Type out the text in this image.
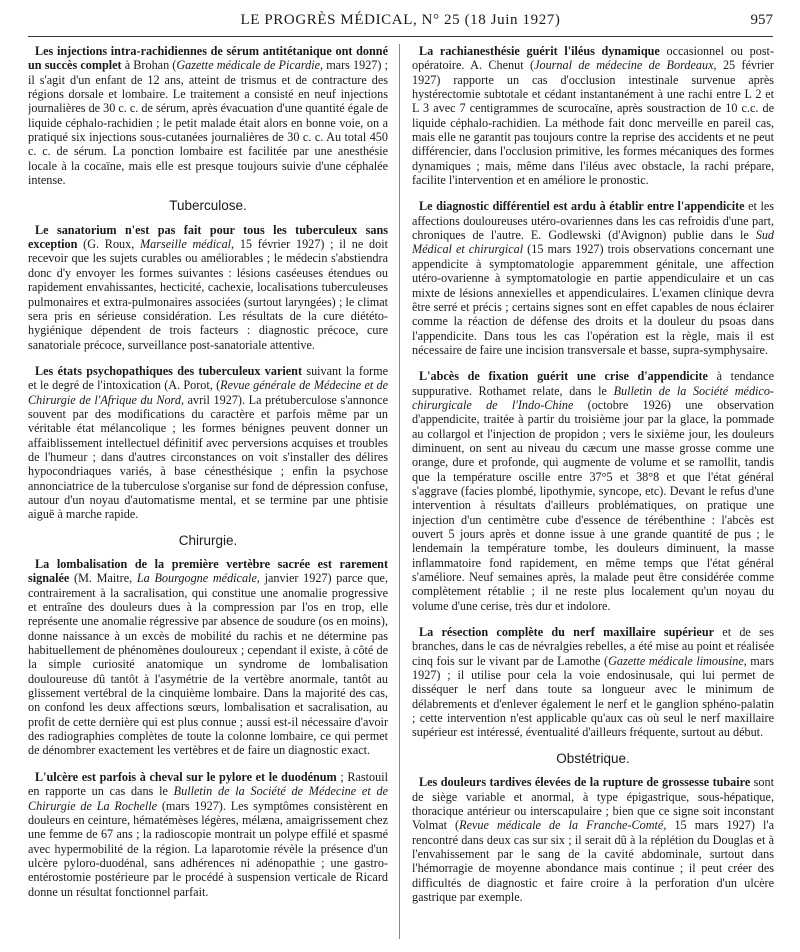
LE PROGRÈS MÉDICAL, N° 25 (18 Juin 1927)	957

Les injections intra-rachidiennes de sérum antitétanique ont donné un succès complet à Brohan (Gazette médicale de Picardie, mars 1927) ; il s'agit d'un enfant de 12 ans, atteint de trismus et de contracture des régions dorsale et lombaire. Le traitement a consisté en neuf injections journalières de 30 c. c. de sérum, après évacuation d'une quantité égale de liquide céphalo-rachidien ; le petit malade était alors en bonne voie, on a pratiqué six injections sous-cutanées journalières de 30 c. c. Au total 450 c. c. de sérum. La ponction lombaire est facilitée par une anesthésie locale à la cocaïne, mais elle est presque toujours suivie d'une céphalée intense.

Tuberculose.

Le sanatorium n'est pas fait pour tous les tuberculeux sans exception (G. Roux, Marseille médical, 15 février 1927) ; il ne doit recevoir que les sujets curables ou améliorables ; le médecin s'abstiendra donc d'y envoyer les formes suivantes : lésions caséeuses étendues ou rapidement envahissantes, hecticité, cachexie, localisations tuberculeuses pulmonaires et extra-pulmonaires associées (surtout laryngées) ; le climat sera pris en sérieuse considération. Les résultats de la cure diététo-hygiénique dépendent de trois facteurs : diagnostic précoce, cure sanatoriale précoce, surveillance post-sanatoriale attentive.

Les états psychopathiques des tuberculeux varient suivant la forme et le degré de l'intoxication (A. Porot, (Revue générale de Médecine et de Chirurgie de l'Afrique du Nord, avril 1927). La prétuberculose s'annonce souvent par des modifications du caractère et parfois même par un véritable état mélancolique ; les formes bénignes peuvent donner un affaiblissement intellectuel définitif avec perversions acquises et troubles de l'humeur ; dans d'autres circonstances on voit s'installer des délires hypocondriaques variés, à base cénesthésique ; enfin la psychose annonciatrice de la tuberculose s'organise sur fond de dépression confuse, autour d'un noyau d'automatisme mental, et se termine par une phtisie aiguë à marche rapide.

Chirurgie.

La lombalisation de la première vertèbre sacrée est rarement signalée (M. Maitre, La Bourgogne médicale, janvier 1927) parce que, contrairement à la sacralisation, qui constitue une anomalie progressive et entraîne des douleurs dues à la compression par l'os en trop, elle représente une anomalie régressive par absence de soudure (os en moins), donne naissance à un excès de mobilité du rachis et ne détermine pas habituellement de phénomènes douloureux ; cependant il existe, à côté de la simple curiosité anatomique un syndrome de lombalisation douloureuse dû tantôt à l'asymétrie de la vertèbre anormale, tantôt au glissement vertébral de la cinquième lombaire. Dans la majorité des cas, on confond les deux affections sœurs, lombalisation et sacralisation, au profit de cette dernière qui est plus connue ; aussi est-il nécessaire d'avoir des radiographies complètes de toute la colonne lombaire, ce qui permet de dénombrer exactement les vertèbres et de faire un diagnostic exact.

L'ulcère est parfois à cheval sur le pylore et le duodénum ; Rastouil en rapporte un cas dans le Bulletin de la Société de Médecine et de Chirurgie de La Rochelle (mars 1927). Les symptômes consistèrent en douleurs en ceinture, hématémèses légères, mélæna, amaigrissement chez une femme de 67 ans ; la radioscopie montrait un polype effilé et spasmé avec hypermobilité de la région. La laparotomie révèle la présence d'un ulcère pyloro-duodénal, sans adhérences ni adénopathie ; une gastro-entérostomie postérieure par le procédé à suspension verticale de Ricard donne un résultat fonctionnel parfait.

La rachianesthésie guérit l'iléus dynamique occasionnel ou post-opératoire. A. Chenut (Journal de médecine de Bordeaux, 25 février 1927) rapporte un cas d'occlusion intestinale survenue après hystérectomie subtotale et cédant instantanément à une rachi entre L 2 et L 3 avec 7 centigrammes de scurocaïne, après soustraction de 10 c.c. de liquide céphalo-rachidien. La méthode fait donc merveille en pareil cas, mais elle ne garantit pas toujours contre la reprise des accidents et ne peut différencier, dans l'occlusion primitive, les formes mécaniques des formes dynamiques ; mais, même dans l'iléus avec obstacle, la rachi prépare, facilite l'intervention et en améliore le pronostic.

Le diagnostic différentiel est ardu à établir entre l'appendicite et les affections douloureuses utéro-ovariennes dans les cas refroidis d'une part, chroniques de l'autre. E. Godlewski (d'Avignon) publie dans le Sud Médical et chirurgical (15 mars 1927) trois observations concernant une appendicite à symptomatologie apparemment génitale, une affection utéro-ovarienne à symptomatologie en partie appendiculaire et un cas mixte de lésions annexielles et appendiculaires. L'examen clinique devra être serré et précis ; certains signes sont en effet capables de nous éclairer comme la réaction de défense des droits et la douleur du psoas dans l'appendicite. Dans tous les cas l'opération est la règle, mais il est nécessaire de faire une incision transversale et basse, supra-symphysaire.

L'abcès de fixation guérit une crise d'appendicite à tendance suppurative. Rothamet relate, dans le Bulletin de la Société médico-chirurgicale de l'Indo-Chine (octobre 1926) une observation d'appendicite, traitée à partir du troisième jour par la glace, la pommade au collargol et l'injection de propidon ; vers le sixième jour, les douleurs diminuent, on sent au niveau du cæcum une masse grosse comme une orange, dure et profonde, qui augmente de volume et se ramollit, tandis que la température oscille entre 37°5 et 38°8 et que l'état général s'aggrave (facies plombé, lipothymie, syncope, etc). Devant le refus d'une intervention à résultats d'ailleurs problématiques, on pratique une injection d'un centimètre cube d'essence de térébenthine : l'abcès est ouvert 5 jours après et donne issue à une grande quantité de pus ; le lendemain la température tombe, les douleurs diminuent, la masse inflammatoire fond rapidement, en même temps que l'état général s'améliore. Neuf semaines après, la malade peut être considérée comme complètement rétablie ; il ne reste plus localement qu'un noyau du volume d'une cerise, très dur et indolore.

La résection complète du nerf maxillaire supérieur et de ses branches, dans le cas de névralgies rebelles, a été mise au point et réalisée cinq fois sur le vivant par de Lamothe (Gazette médicale limousine, mars 1927) ; il utilise pour cela la voie endosinusale, qui lui permet de disséquer le nerf dans toute sa longueur avec le minimum de délabrements et d'enlever également le nerf et le ganglion sphéno-palatin ; cette intervention n'est applicable qu'aux cas où seul le nerf maxillaire supérieur est intéressé, éventualité d'ailleurs fréquente, surtout au début.

Obstétrique.

Les douleurs tardives élevées de la rupture de grossesse tubaire sont de siège variable et anormal, à type épigastrique, sous-hépatique, thoracique antérieur ou interscapulaire ; bien que ce signe soit inconstant Volmat (Revue médicale de la Franche-Comté, 15 mars 1927) l'a rencontré dans deux cas sur six ; il serait dû à la réplétion du Douglas et à l'envahissement par le sang de la cavité abdominale, surtout dans l'hémorragie de moyenne abondance mais continue ; il peut créer des difficultés de diagnostic et faire croire à la perforation d'un ulcère gastrique par exemple.
